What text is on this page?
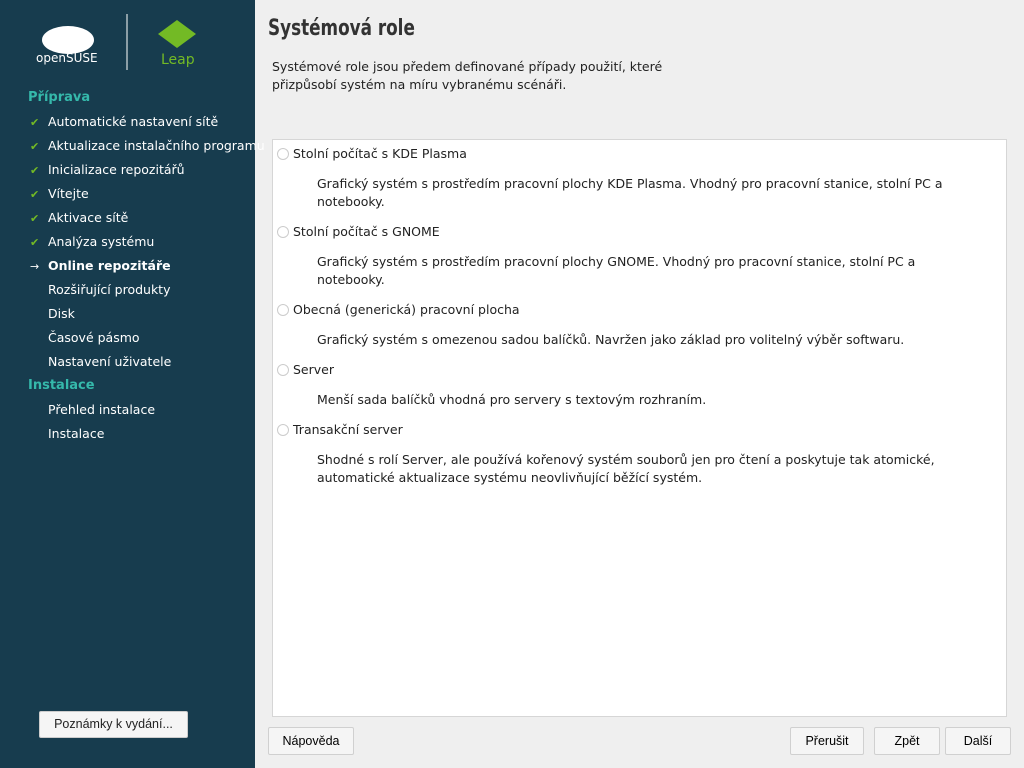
openSUSE	Leap
Příprava
✔ Automatické nastavení sítě
✔ Aktualizace instalačního programu
✔ Inicializace repozitářů
✔ Vítejte
✔ Aktivace sítě
✔ Analýza systému
→ Online repozitáře
Rozšiřující produkty
Disk
Časové pásmo
Nastavení uživatele
Přehled instalace
Instalace
Instalace
Poznámky k vydání...
Systémová role
Systémové role jsou předem definované případy použití, které přizpůsobí systém na míru vybranému scénáři.
Stolní počítač s KDE Plasma
Grafický systém s prostředím pracovní plochy KDE Plasma. Vhodný pro pracovní stanice, stolní PC a notebooky.
Stolní počítač s GNOME
Grafický systém s prostředím pracovní plochy GNOME. Vhodný pro pracovní stanice, stolní PC a notebooky.
Obecná (generická) pracovní plocha
Grafický systém s omezenou sadou balíčků. Navržen jako základ pro volitelný výběr softwaru.
Server
Menší sada balíčků vhodná pro servery s textovým rozhraním.
Transakční server
Shodné s rolí Server, ale používá kořenový systém souborů jen pro čtení a poskytuje tak atomické, automatické aktualizace systému neovlivňující běžící systém.
Nápověda	Přerušit	Zpět	Další
